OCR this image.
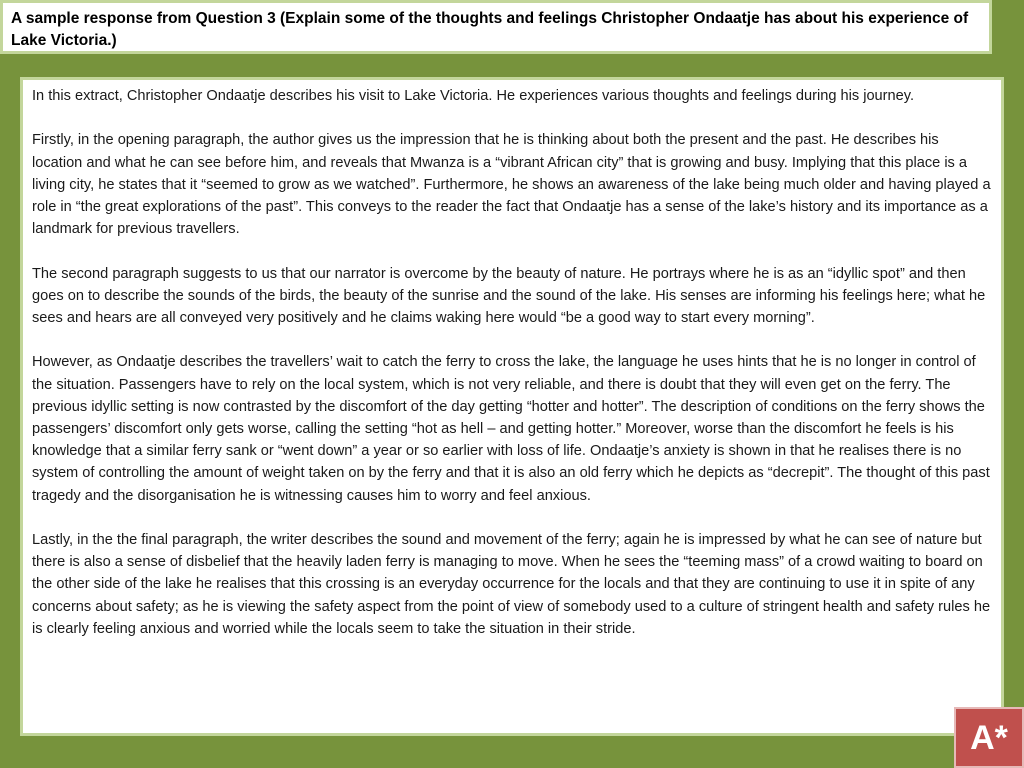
A sample response from Question 3 (Explain some of the thoughts and feelings Christopher Ondaatje has about his experience of Lake Victoria.)

In this extract, Christopher Ondaatje describes his visit to Lake Victoria. He experiences various thoughts and feelings during his journey.

Firstly, in the opening paragraph, the author gives us the impression that he is thinking about both the present and the past. He describes his location and what he can see before him, and reveals that Mwanza is a “vibrant African city” that is growing and busy. Implying that this place is a living city, he states that it “seemed to grow as we watched”. Furthermore, he shows an awareness of the lake being much older and having played a role in “the great explorations of the past”. This conveys to the reader the fact that Ondaatje has a sense of the lake’s history and its importance as a landmark for previous travellers.

The second paragraph suggests to us that our narrator is overcome by the beauty of nature. He portrays where he is as an “idyllic spot” and then goes on to describe the sounds of the birds, the beauty of the sunrise and the sound of the lake. His senses are informing his feelings here; what he sees and hears are all conveyed very positively and he claims waking here would “be a good way to start every morning”.

However, as Ondaatje describes the travellers’ wait to catch the ferry to cross the lake, the language he uses hints that he is no longer in control of the situation. Passengers have to rely on the local system, which is not very reliable, and there is doubt that they will even get on the ferry. The previous idyllic setting is now contrasted by the discomfort of the day getting “hotter and hotter”. The description of conditions on the ferry shows the passengers’ discomfort only gets worse, calling the setting “hot as hell – and getting hotter.” Moreover, worse than the discomfort he feels is his knowledge that a similar ferry sank or “went down” a year or so earlier with loss of life. Ondaatje’s anxiety is shown in that he realises there is no system of controlling the amount of weight taken on by the ferry and that it is also an old ferry which he depicts as “decrepit”. The thought of this past tragedy and the disorganisation he is witnessing causes him to worry and feel anxious.

Lastly, in the the final paragraph, the writer describes the sound and movement of the ferry; again he is impressed by what he can see of nature but there is also a sense of disbelief that the heavily laden ferry is managing to move. When he sees the “teeming mass” of a crowd waiting to board on the other side of the lake he realises that this crossing is an everyday occurrence for the locals and that they are continuing to use it in spite of any concerns about safety; as he is viewing the safety aspect from the point of view of somebody used to a culture of stringent health and safety rules he is clearly feeling anxious and worried while the locals seem to take the situation in their stride.

A*
